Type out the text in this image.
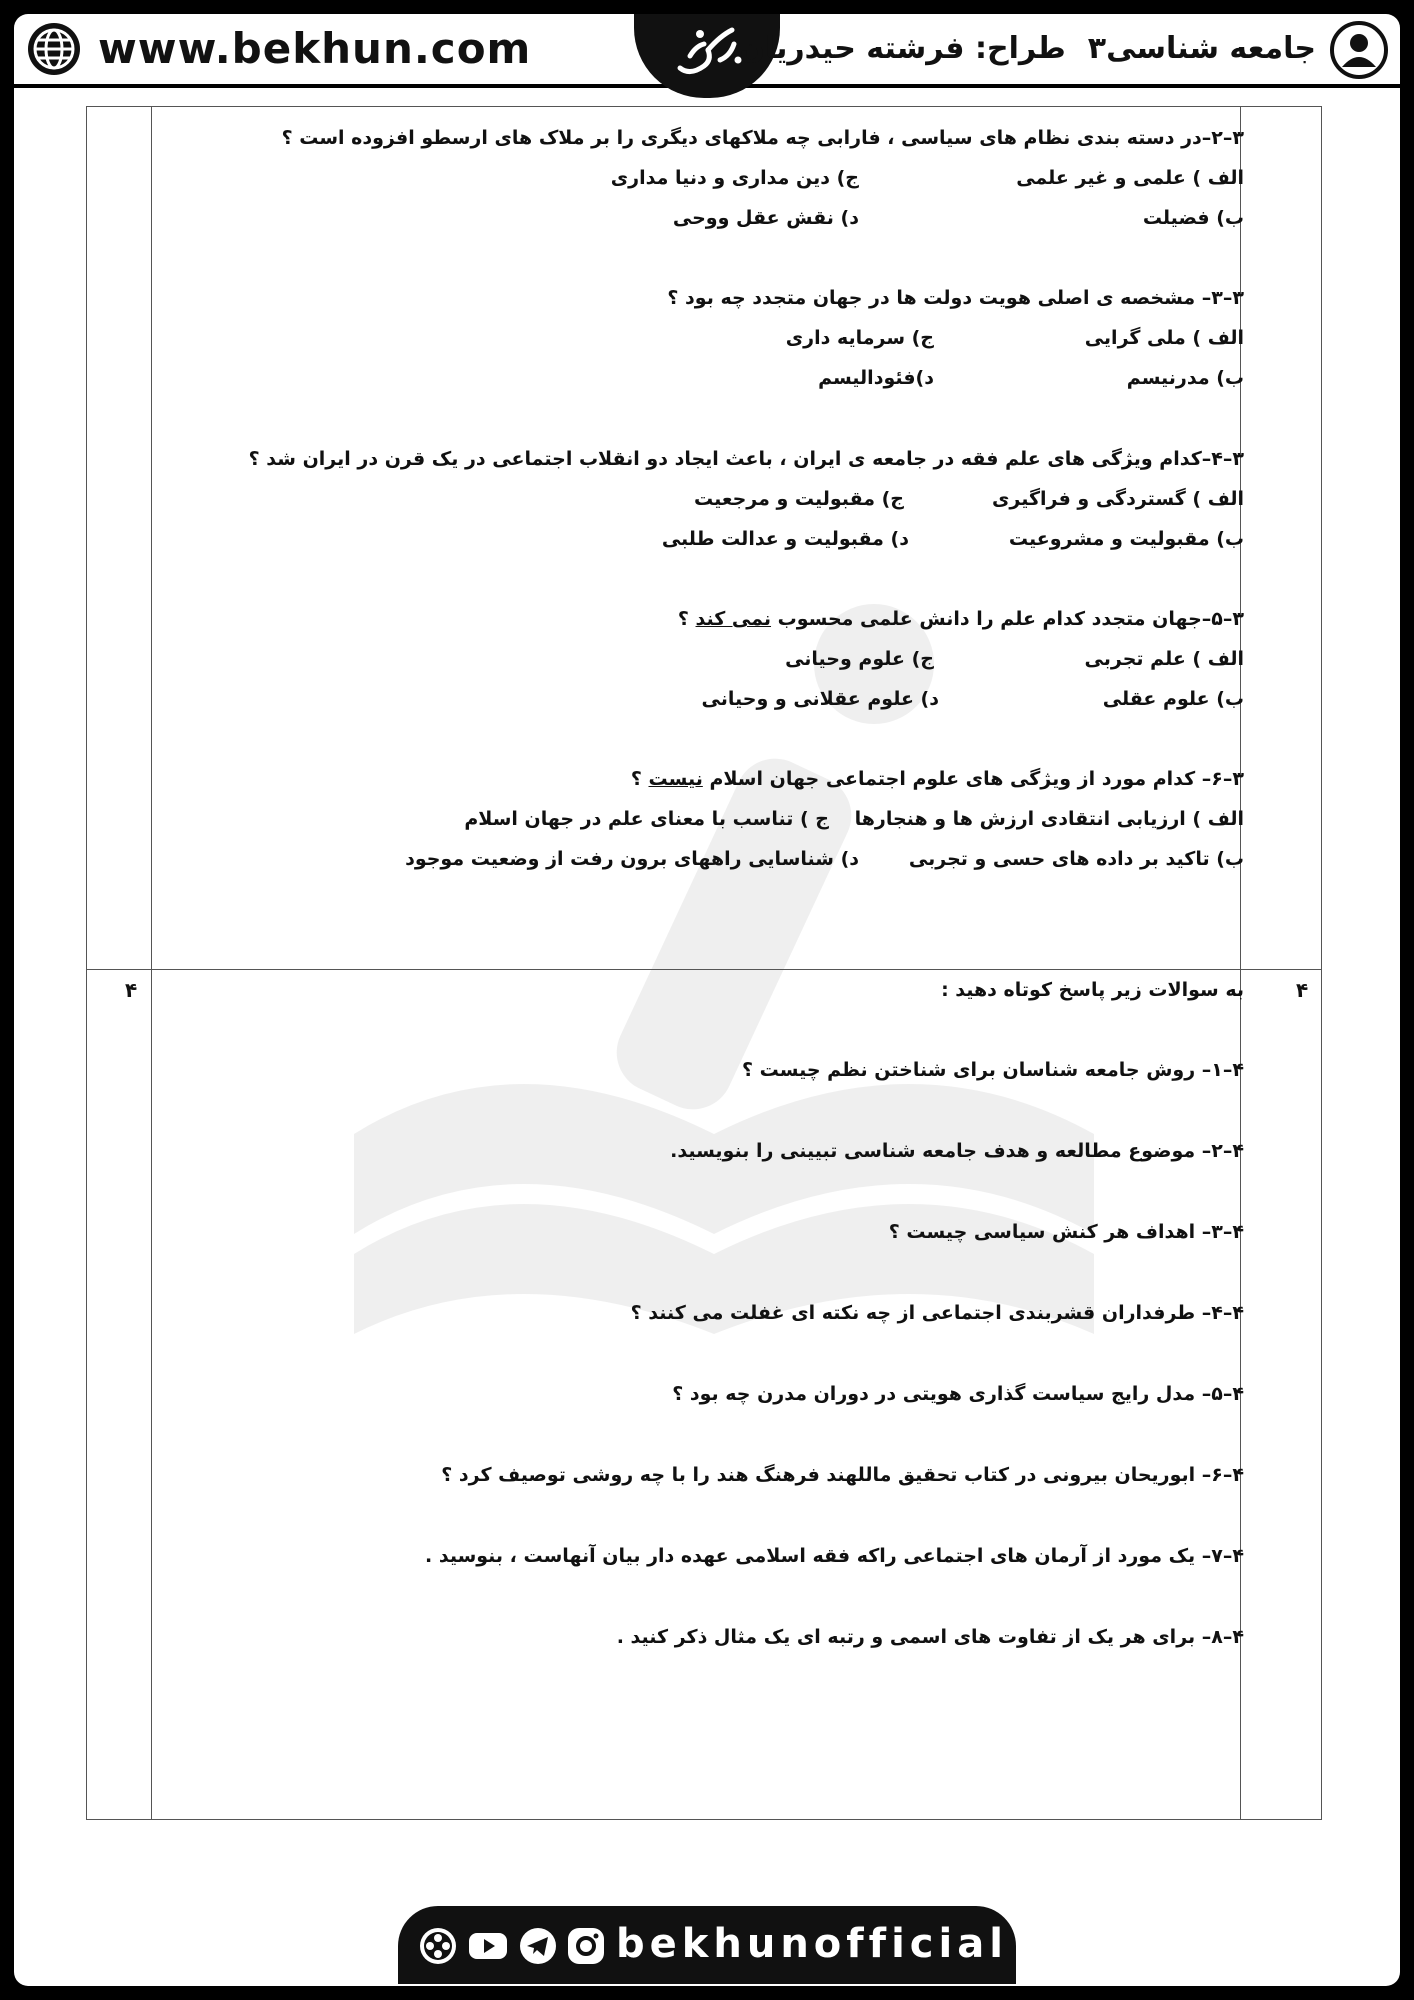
www.bekhun.com	جامعه شناسی۳طراح: فرشته حیدریان
۳–۲–در دسته بندی نظام های سیاسی ، فارابی چه ملاکهای دیگری را بر ملاک های ارسطو افزوده است ؟
الف ) علمی و غیر علمی
ج) دین مداری و دنیا مداری
ب) فضیلت
د) نقش عقل ووحی
۳–۳– مشخصه ی اصلی هویت دولت ها در جهان متجدد چه بود ؟
الف ) ملی گرایی
ج) سرمایه داری
ب) مدرنیسم
د)فئودالیسم
۳–۴–کدام ویژگی های علم فقه در جامعه ی ایران ، باعث ایجاد دو انقلاب اجتماعی در یک قرن در ایران شد ؟
الف ) گستردگی و فراگیری
ج) مقبولیت و مرجعیت
ب) مقبولیت و مشروعیت
د) مقبولیت و عدالت طلبی
۳–۵–جهان متجدد کدام علم را دانش علمی محسوب نمی کند ؟
الف ) علم تجربی
ج) علوم وحیانی
ب) علوم عقلی
د) علوم عقلانی و وحیانی
۳–۶– کدام مورد از ویژگی های علوم اجتماعی جهان اسلام نیست ؟
الف ) ارزیابی انتقادی ارزش ها و هنجارها
ج ) تناسب با معنای علم در جهان اسلام
ب) تاکید بر داده های حسی و تجربی
د) شناسایی راههای برون رفت از وضعیت موجود
۴
۴	به سوالات زیر پاسخ کوتاه دهید :
۴–۱– روش جامعه شناسان برای شناختن نظم چیست ؟
۴–۲– موضوع مطالعه و هدف جامعه شناسی تبیینی را بنویسید.
۴–۳– اهداف هر کنش سیاسی چیست ؟
۴–۴– طرفداران قشربندی اجتماعی از چه نکته ای غفلت می کنند ؟
۴–۵– مدل رایج سیاست گذاری هویتی در دوران مدرن چه بود ؟
۴–۶– ابوریحان بیرونی در کتاب تحقیق ماللهند فرهنگ هند را با چه روشی توصیف کرد ؟
۴–۷– یک مورد از آرمان های اجتماعی راکه فقه اسلامی عهده دار بیان آنهاست ، بنوسید .
۴–۸– برای هر یک از تفاوت های اسمی و رتبه ای یک مثال ذکر کنید .
bekhunofficial
